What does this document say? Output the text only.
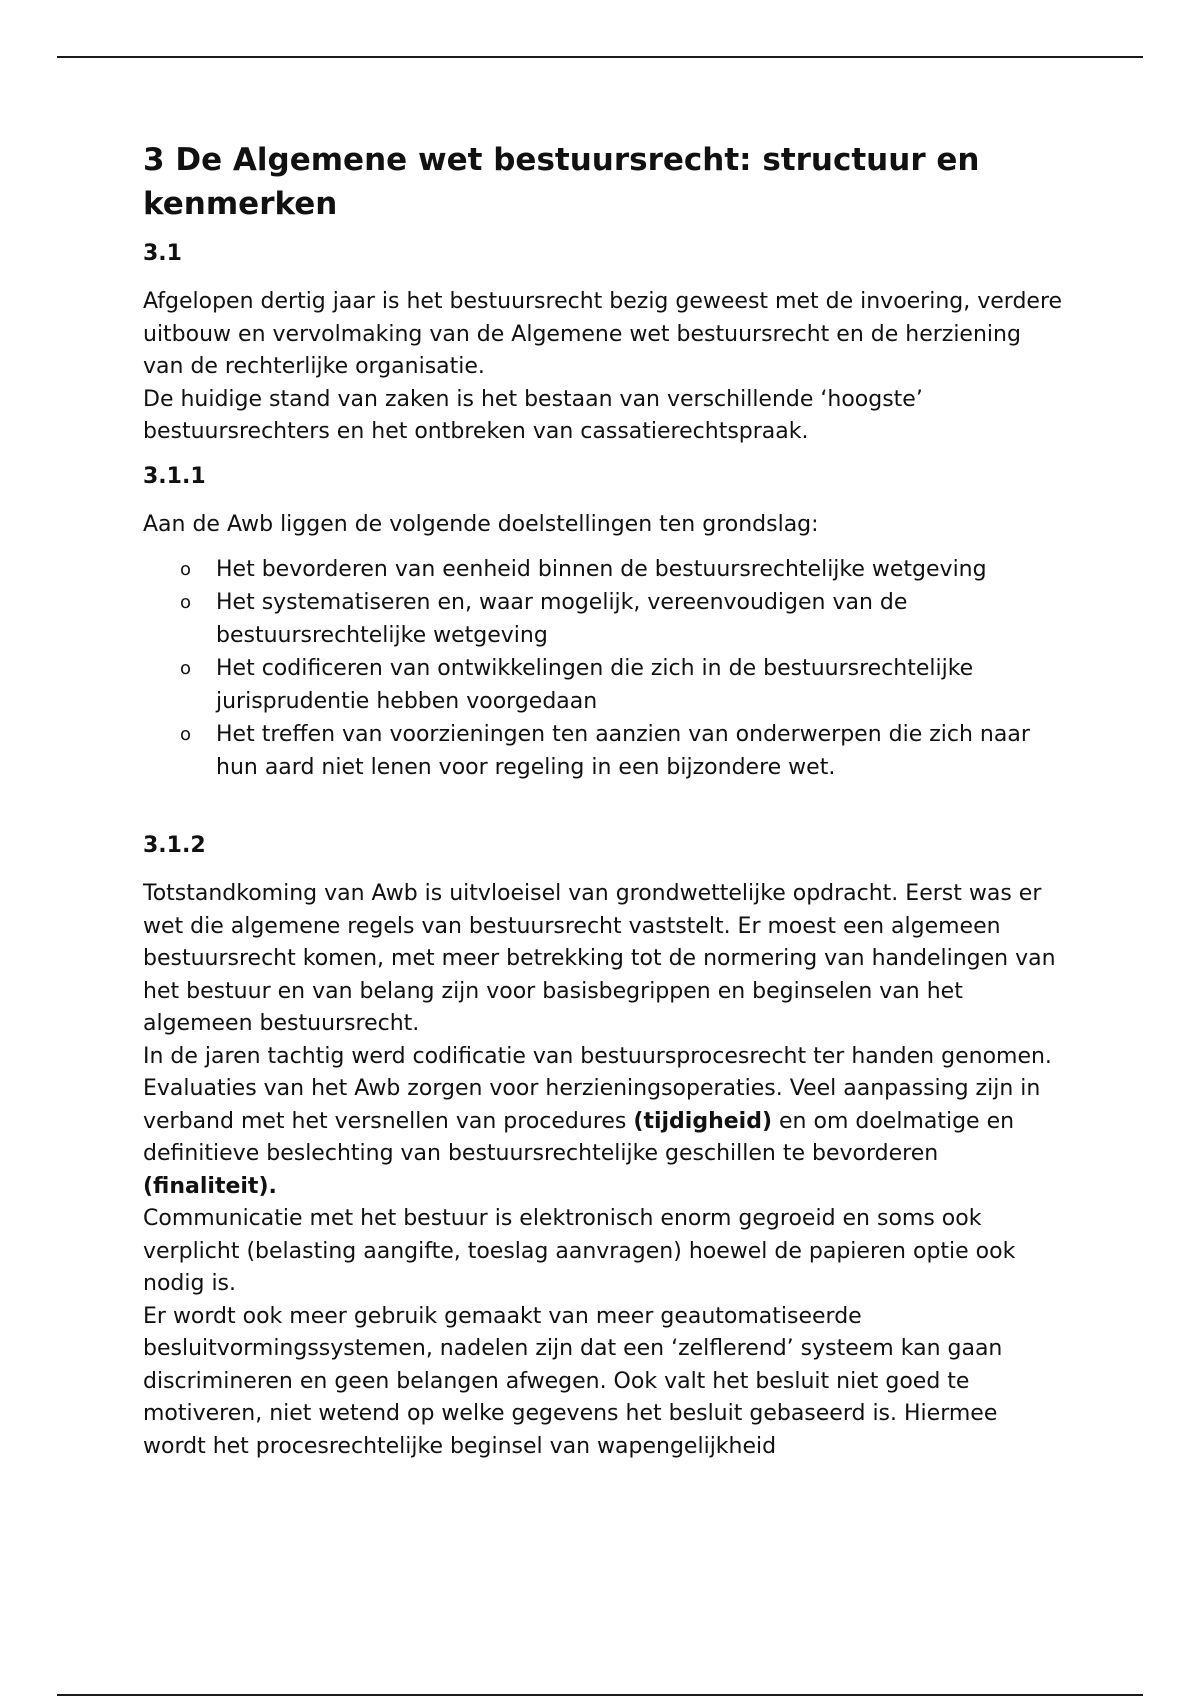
3 De Algemene wet bestuursrecht: structuur en kenmerken
3.1

Afgelopen dertig jaar is het bestuursrecht bezig geweest met de invoering, verdere uitbouw en vervolmaking van de Algemene wet bestuursrecht en de herziening van de rechterlijke organisatie.

De huidige stand van zaken is het bestaan van verschillende ‘hoogste’ bestuursrechters en het ontbreken van cassatierechtspraak.

3.1.1

Aan de Awb liggen de volgende doelstellingen ten grondslag:

o Het bevorderen van eenheid binnen de bestuursrechtelijke wetgeving
o Het systematiseren en, waar mogelijk, vereenvoudigen van de bestuursrechtelijke wetgeving
o Het codificeren van ontwikkelingen die zich in de bestuursrechtelijke jurisprudentie hebben voorgedaan
o Het treffen van voorzieningen ten aanzien van onderwerpen die zich naar hun aard niet lenen voor regeling in een bijzondere wet.
3.1.2

Totstandkoming van Awb is uitvloeisel van grondwettelijke opdracht. Eerst was er wet die algemene regels van bestuursrecht vaststelt. Er moest een algemeen bestuursrecht komen, met meer betrekking tot de normering van handelingen van het bestuur en van belang zijn voor basisbegrippen en beginselen van het algemeen bestuursrecht.

In de jaren tachtig werd codificatie van bestuursprocesrecht ter handen genomen.

Evaluaties van het Awb zorgen voor herzieningsoperaties. Veel aanpassing zijn in verband met het versnellen van procedures (tijdigheid) en om doelmatige en definitieve beslechting van bestuursrechtelijke geschillen te bevorderen (finaliteit).

Communicatie met het bestuur is elektronisch enorm gegroeid en soms ook verplicht (belasting aangifte, toeslag aanvragen) hoewel de papieren optie ook nodig is.

Er wordt ook meer gebruik gemaakt van meer geautomatiseerde besluitvormingssystemen, nadelen zijn dat een ‘zelflerend’ systeem kan gaan discrimineren en geen belangen afwegen. Ook valt het besluit niet goed te motiveren, niet wetend op welke gegevens het besluit gebaseerd is. Hiermee wordt het procesrechtelijke beginsel van wapengelijkheid
